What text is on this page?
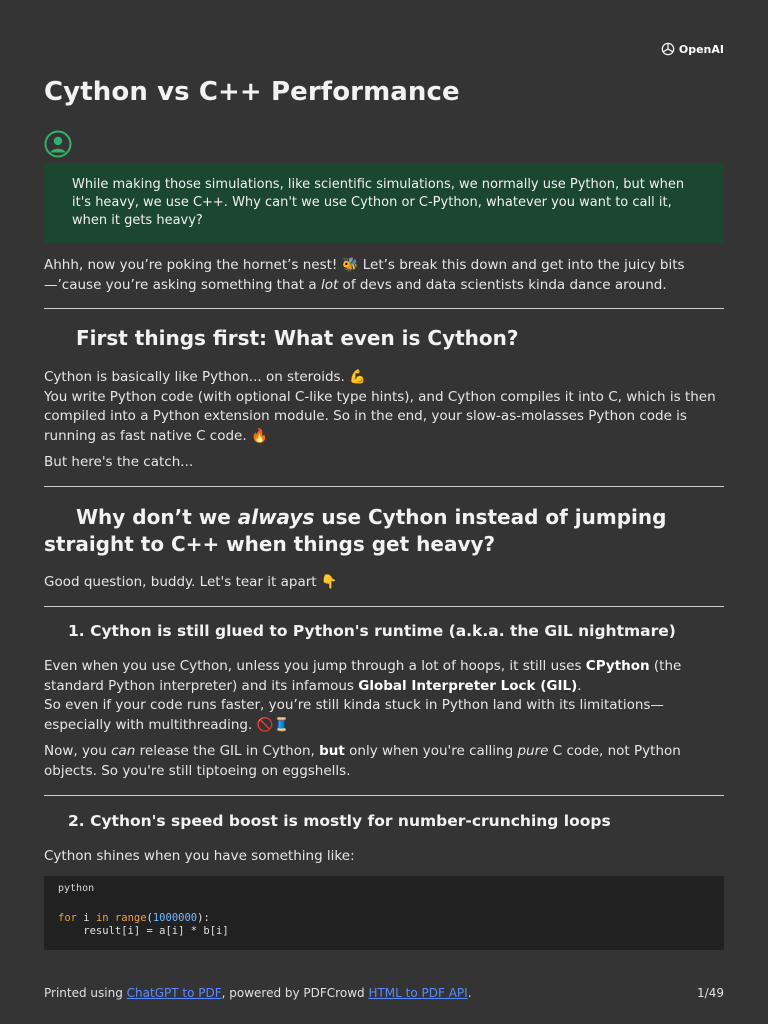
OpenAI
Cython vs C++ Performance
While making those simulations, like scientific simulations, we normally use Python, but when it's heavy, we use C++. Why can't we use Cython or C-Python, whatever you want to call it, when it gets heavy?

Ahhh, now you’re poking the hornet’s nest! 🐝 Let’s break this down and get into the juicy bits—’cause you’re asking something that a lot of devs and data scientists kinda dance around.

First things first: What even is Cython?

Cython is basically like Python... on steroids. 💪
You write Python code (with optional C-like type hints), and Cython compiles it into C, which is then compiled into a Python extension module. So in the end, your slow-as-molasses Python code is running as fast native C code. 🔥

But here's the catch...

Why don’t we always use Cython instead of jumping straight to C++ when things get heavy?

Good question, buddy. Let's tear it apart 👇

1. Cython is still glued to Python's runtime (a.k.a. the GIL nightmare)

Even when you use Cython, unless you jump through a lot of hoops, it still uses CPython (the standard Python interpreter) and its infamous Global Interpreter Lock (GIL).
So even if your code runs faster, you’re still kinda stuck in Python land with its limitations—especially with multithreading. 🚫🧵

Now, you can release the GIL in Cython, but only when you're calling pure C code, not Python objects. So you're still tiptoeing on eggshells.

2. Cython's speed boost is mostly for number-crunching loops

Cython shines when you have something like:

python
for i in range(1000000):
result[i] = a[i] * b[i]
Printed using ChatGPT to PDF, powered by PDFCrowd HTML to PDF API.	1/49
